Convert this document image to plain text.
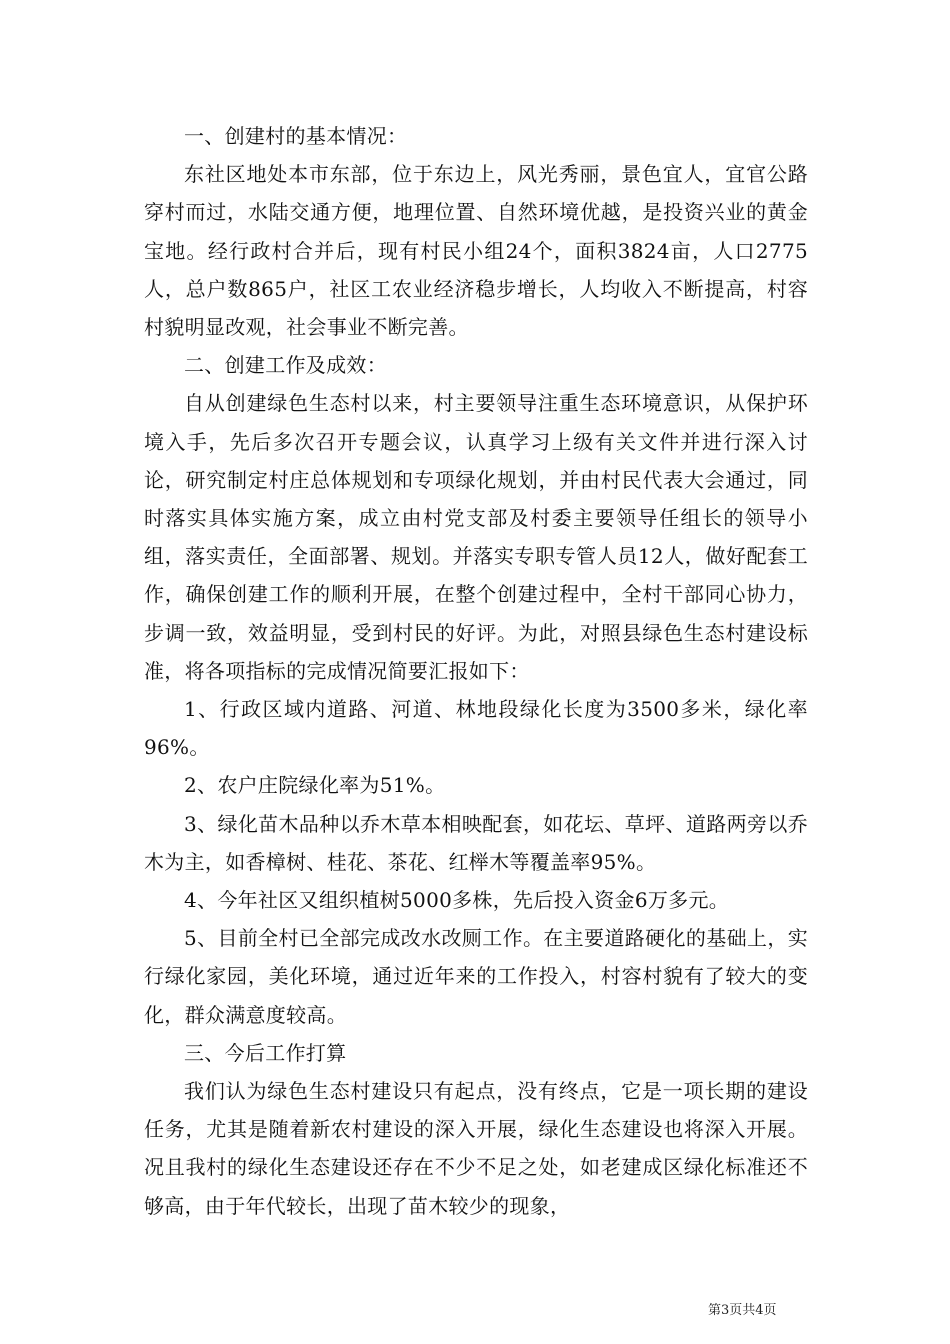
一、创建村的基本情况：

东社区地处本市东部，位于东边上，风光秀丽，景色宜人，宜官公路穿村而过，水陆交通方便，地理位置、自然环境优越，是投资兴业的黄金宝地。经行政村合并后，现有村民小组24个，面积3824亩，人口2775人，总户数865户，社区工农业经济稳步增长，人均收入不断提高，村容村貌明显改观，社会事业不断完善。

二、创建工作及成效：

自从创建绿色生态村以来，村主要领导注重生态环境意识，从保护环境入手，先后多次召开专题会议，认真学习上级有关文件并进行深入讨论，研究制定村庄总体规划和专项绿化规划，并由村民代表大会通过，同时落实具体实施方案，成立由村党支部及村委主要领导任组长的领导小组，落实责任，全面部署、规划。并落实专职专管人员12人，做好配套工作，确保创建工作的顺利开展，在整个创建过程中，全村干部同心协力，步调一致，效益明显，受到村民的好评。为此，对照县绿色生态村建设标准，将各项指标的完成情况简要汇报如下：

1、行政区域内道路、河道、林地段绿化长度为3500多米，绿化率96%。

2、农户庄院绿化率为51%。

3、绿化苗木品种以乔木草本相映配套，如花坛、草坪、道路两旁以乔木为主，如香樟树、桂花、茶花、红榉木等覆盖率95%。

4、今年社区又组织植树5000多株，先后投入资金6万多元。

5、目前全村已全部完成改水改厕工作。在主要道路硬化的基础上，实行绿化家园，美化环境，通过近年来的工作投入，村容村貌有了较大的变化，群众满意度较高。

三、今后工作打算

我们认为绿色生态村建设只有起点，没有终点，它是一项长期的建设任务，尤其是随着新农村建设的深入开展，绿化生态建设也将深入开展。况且我村的绿化生态建设还存在不少不足之处，如老建成区绿化标准还不够高，由于年代较长，出现了苗木较少的现象，

第3页共4页
